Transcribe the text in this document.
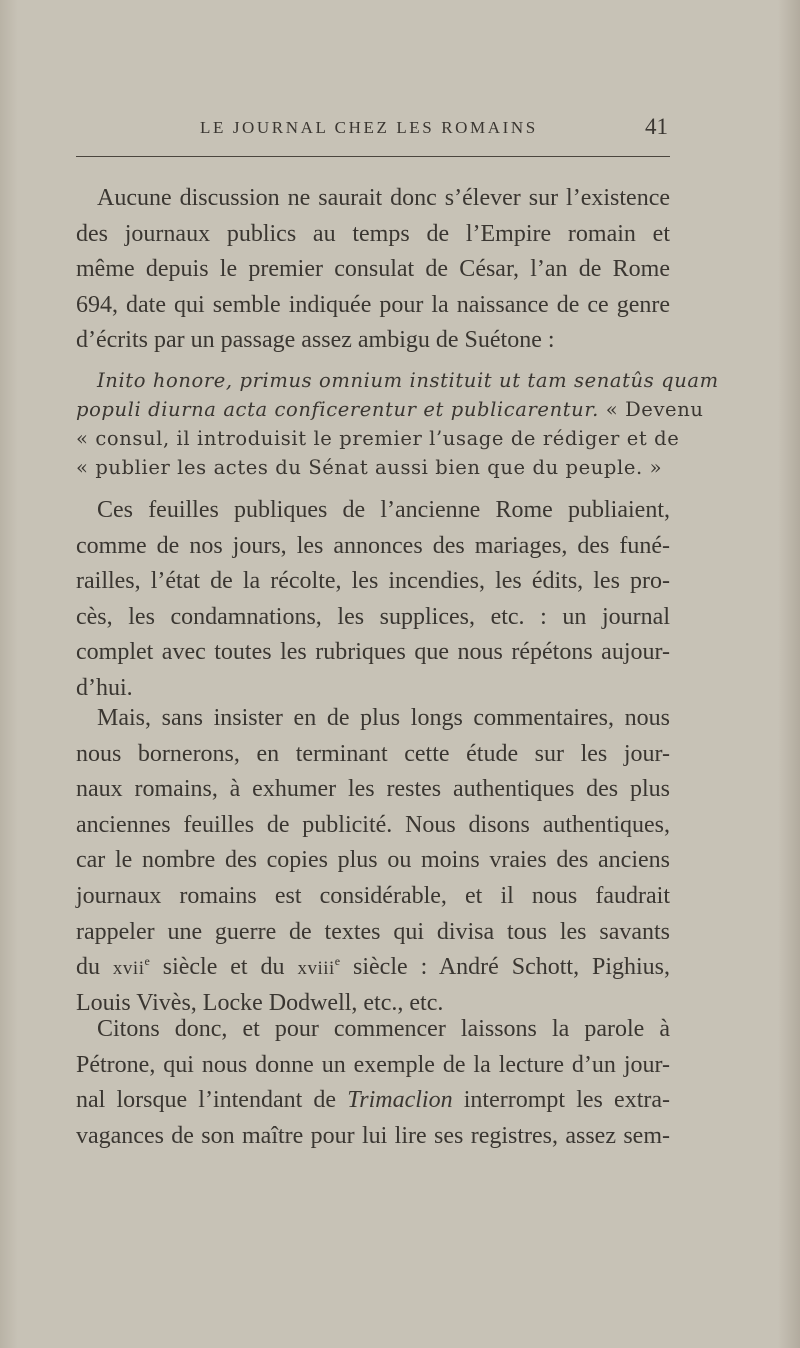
LE JOURNAL CHEZ LES ROMAINS	41
Aucune discussion ne saurait donc s’élever sur l’existence
des journaux publics au temps de l’Empire romain et
même depuis le premier consulat de César, l’an de Rome
694, date qui semble indiquée pour la naissance de ce genre
d’écrits par un passage assez ambigu de Suétone :
Inito honore, primus omnium instituit ut tam senatûs quam
populi diurna acta conficerentur et publicarentur. « Devenu
« consul, il introduisit le premier l’usage de rédiger et de
« publier les actes du Sénat aussi bien que du peuple. »
Ces feuilles publiques de l’ancienne Rome publiaient,
comme de nos jours, les annonces des mariages, des funé-
railles, l’état de la récolte, les incendies, les édits, les pro-
cès, les condamnations, les supplices, etc. : un journal
complet avec toutes les rubriques que nous répétons aujour-
d’hui.
Mais, sans insister en de plus longs commentaires, nous
nous bornerons, en terminant cette étude sur les jour-
naux romains, à exhumer les restes authentiques des plus
anciennes feuilles de publicité. Nous disons authentiques,
car le nombre des copies plus ou moins vraies des anciens
journaux romains est considérable, et il nous faudrait
rappeler une guerre de textes qui divisa tous les savants
du xvii$^e$ siècle et du xviii$^e$ siècle : André Schott, Pighius,
Louis Vivès, Locke Dodwell, etc., etc.
Citons donc, et pour commencer laissons la parole à
Pétrone, qui nous donne un exemple de la lecture d’un jour-
nal lorsque l’intendant de Trimaclion interrompt les extra-
vagances de son maître pour lui lire ses registres, assez sem-
